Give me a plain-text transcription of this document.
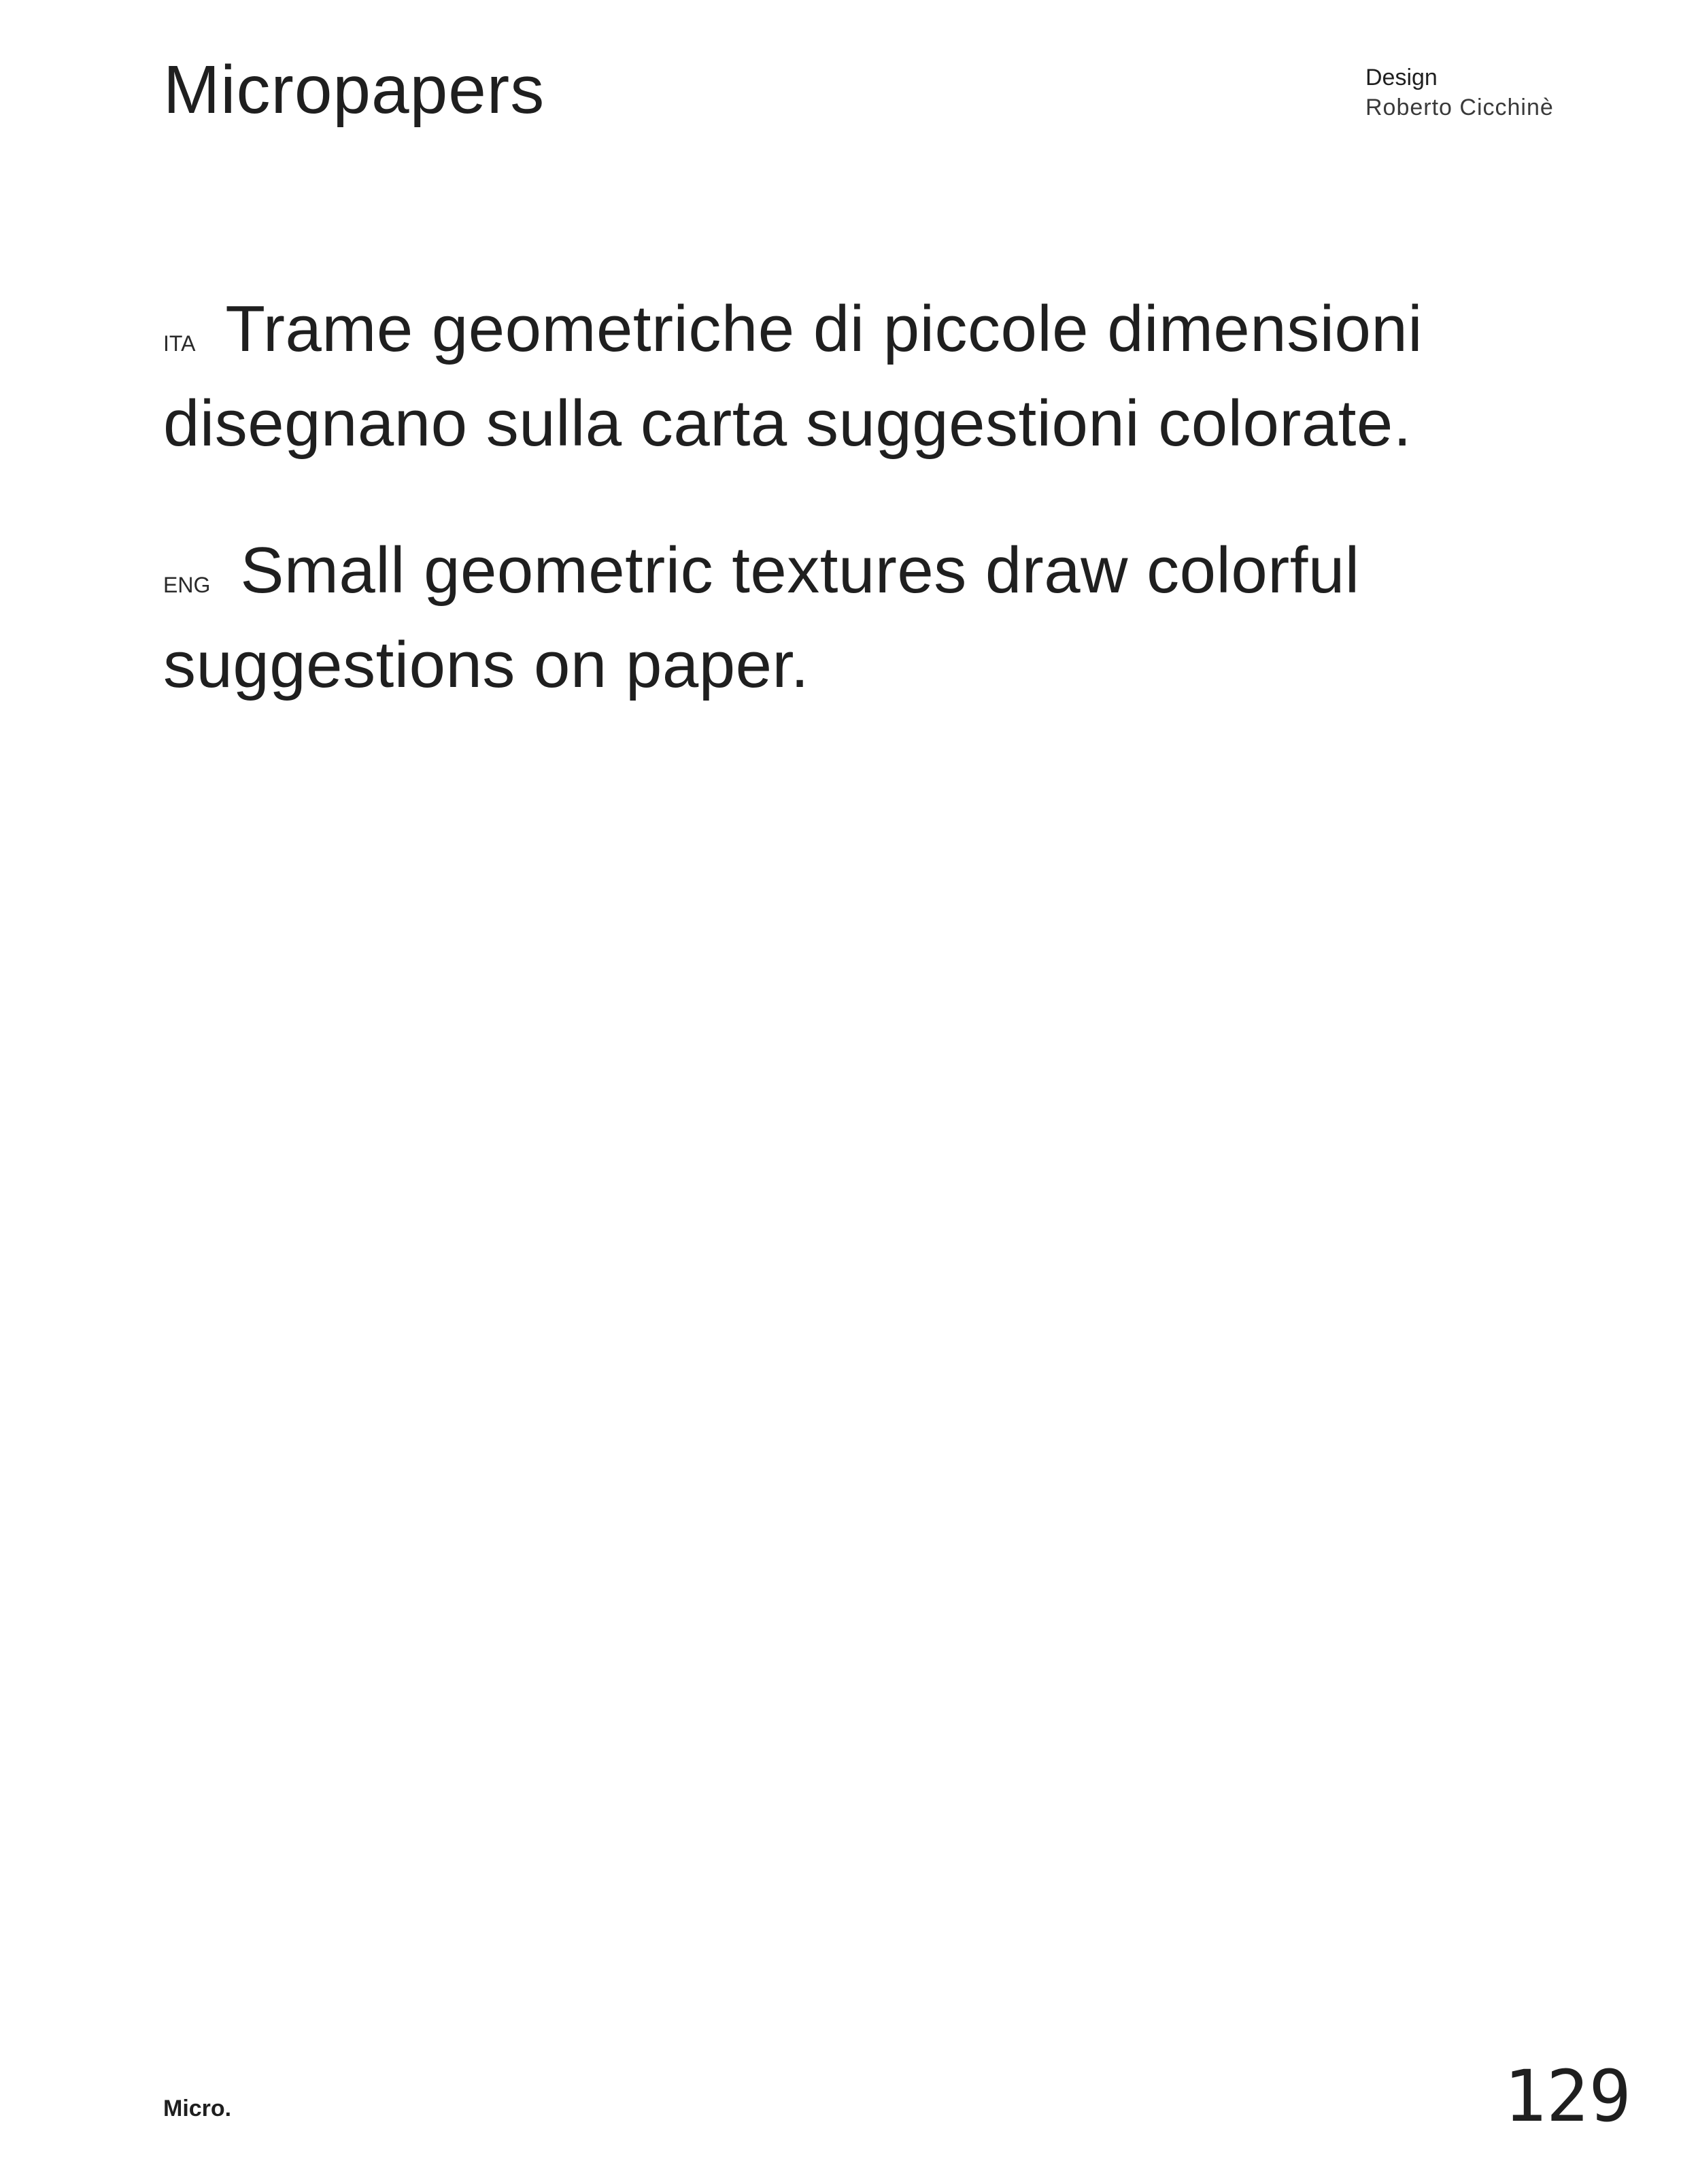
Micropapers	Design
Roberto Cicchinè

ITA Trame geometriche di piccole dimensioni disegnano sulla carta suggestioni colorate.

ENG Small geometric textures draw colorful suggestions on paper.

Micro.	129
